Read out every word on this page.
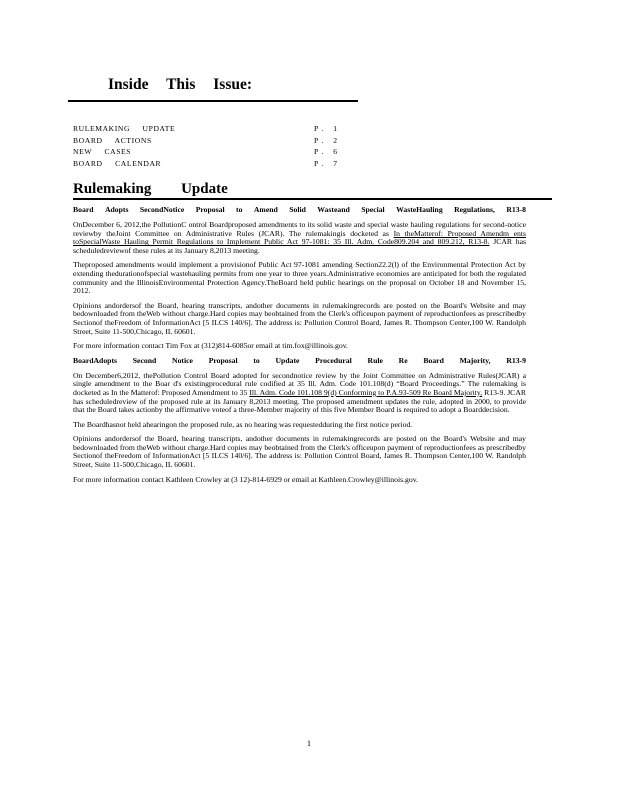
Inside This Issue:
RULEMAKING UPDATE	P. 1
BOARD ACTIONS	P. 2
NEW CASES	P. 6
BOARD CALENDAR	P. 7
Rulemaking Update
Board Adopts SecondNotice Proposal to Amend Solid Wasteand Special WasteHauling Regulations, R13-8

OnDecember 6, 2012,the PollutionC ontrol Boardproposed amendments to its solid waste and special waste hauling regulations for second-notice reviewby theJoint Committee on Administrative Rules (JCAR). The rulemakingis docketed as In theMatterof: Proposed Amendm ents toSpecialWaste Hauling Permit Regulations to Implement Public Act 97-1081: 35 Ill. Adm. Code809.204 and 809.212, R13-8. JCAR has scheduledreviewof these rules at its January 8,2013 meeting.

Theproposed amendments would implement a provisionof Public Act 97-1081 amending Section22.2(l) of the Environmental Protection Act by extending thedurationofspecial wastehauling permits from one year to three years.Administrative economies are anticipated for both the regulated community and the IllinoisEnvironmental Protection Agency.TheBoard held public hearings on the proposal on October 18 and November 15, 2012.

Opinions andordersof the Board, hearing transcripts, andother documents in rulemakingrecords are posted on the Board's Website and may bedownloaded from theWeb without charge.Hard copies may beobtained from the Clerk's officeupon payment of reproductionfees as prescribedby Sectionof theFreedom of InformationAct [5 ILCS 140/6]. The address is: Pollution Control Board, James R. Thompson Center,100 W. Randolph Street, Suite 11-500,Chicago, IL 60601.

For more information contact Tim Fox at (312)814-6085or email at tim.fox@illinois.gov.

BoardAdopts Second Notice Proposal to Update Procedural Rule Re Board Majority, R13-9

On December6,2012, thePollution Control Board adopted for secondnotice review by the Joint Committee on Administrative Rules(JCAR) a single amendment to the Boar d's existingprocedural rule codified at 35 Ill. Adm. Code 101.108(d) “Board Proceedings.” The rulemaking is docketed as In the Matterof: Proposed Amendment to 35 Ill. Adm. Code 101.108 9(d) Conforming to P.A.93-509 Re Board Majority, R13-9. JCAR has scheduledreview of the proposed rule at its January 8,2013 meeting. The proposed amendment updates the rule, adopted in 2000, to provide that the Board takes actionby the affirmative voteof a three-Member majority of this five Member Board is required to adopt a Boarddecision.

The Boardhasnot held ahearingon the proposed rule, as no hearing was requestedduring the first notice period.

Opinions andordersof the Board, hearing transcripts, andother documents in rulemakingrecords are posted on the Board's Website and may bedownloaded from theWeb without charge.Hard copies may beobtained from the Clerk's officeupon payment of reproductionfees as prescribedby Sectionof theFreedom of InformationAct [5 ILCS 140/6]. The address is: Pollution Control Board, James R. Thompson Center,100 W. Randolph Street, Suite 11-500,Chicago, IL 60601.

For more information contact Kathleen Crowley at (3 12)-814-6929 or email at Kathleen.Crowley@illinois.gov.

1
